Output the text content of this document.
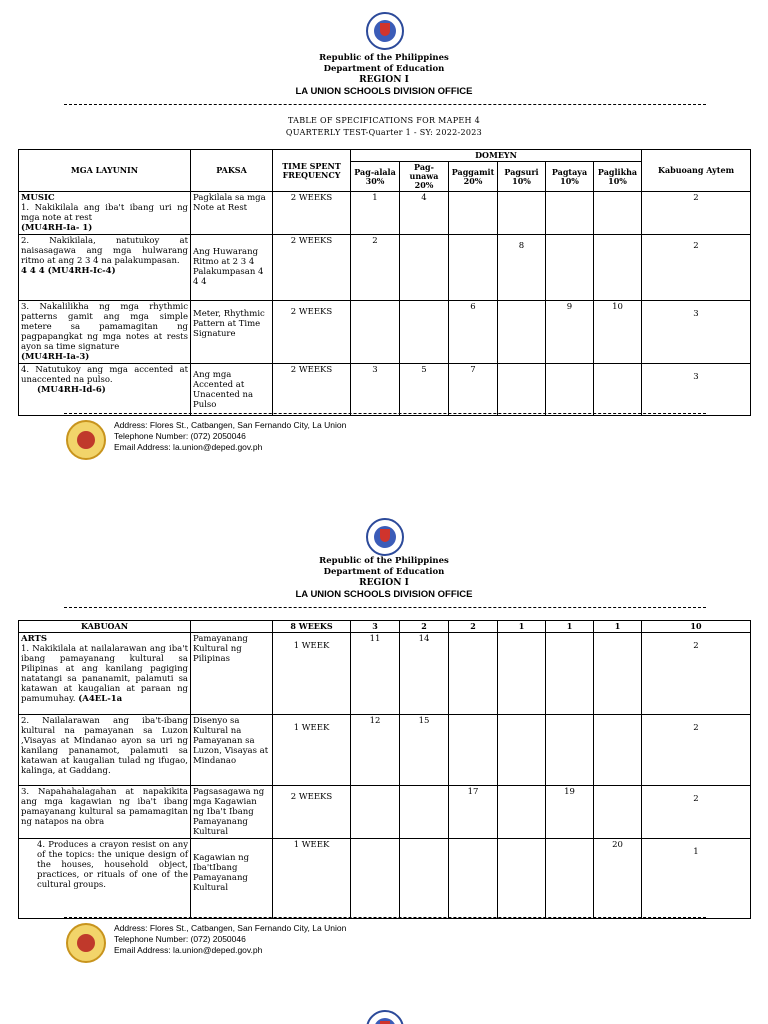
Republic of the Philippines
Department of Education
REGION I
LA UNION SCHOOLS DIVISION OFFICE
TABLE OF SPECIFICATIONS FOR MAPEH 4
QUARTERLY TEST-Quarter 1 - SY: 2022-2023
MGA LAYUNIN	PAKSA	TIME SPENT FREQUENCY	DOMEYN						Kabuoang Aytem
			Pag-alala 30%	Pag-unawa 20%	Paggamit 20%	Pagsuri 10%	Pagtaya 10%	Paglikha 10%	

MUSIC
1. Nakikilala ang iba't ibang uri ng mga note at rest
(MU4RH-Ia- 1)	Pagkilala sa mga Note at Rest	2 WEEKS	1	4					2
2. Nakikilala, natutukoy at naisasagawa ang mga hulwarang ritmo at ang 2 3 4 na palakumpasan.
4 4 4 (MU4RH-Ic-4)	Ang Huwarang Ritmo at 2 3 4 Palakumpasan 4 4 4	2 WEEKS	2			8			2
3. Nakalilikha ng mga rhythmic patterns gamit ang mga simple metere sa pamamagitan ng pagpapangkat ng mga notes at rests ayon sa time signature
(MU4RH-Ia-3)	Meter, Rhythmic Pattern at Time Signature	2 WEEKS			6		9	10	3
4. Natutukoy ang mga accented at unaccented na pulso.
(MU4RH-Id-6)	Ang mga Accented at Unacented na Pulso	2 WEEKS	3	5	7				3
Address: Flores St., Catbangen, San Fernando City, La Union
Telephone Number: (072) 2050046
Email Address: la.union@deped.gov.ph
Republic of the Philippines
Department of Education
REGION I
LA UNION SCHOOLS DIVISION OFFICE
KABUOAN		8 WEEKS	3	2	2	1	1	1	10

ARTS
1. Nakikilala at nailalarawan ang iba't ibang pamayanang kultural sa Pilipinas at ang kanilang pagiging natatangi sa pananamit, palamuti sa katawan at kaugalian at paraan ng pamumuhay. (A4EL-1a	Pamayanang Kultural ng Pilipinas	1 WEEK	11	14					2
2. Nailalarawan ang iba't-ibang kultural na pamayanan sa Luzon ,Visayas at Mindanao ayon sa uri ng kanilang pananamot, palamuti sa katawan at kaugalian tulad ng ifugao, kalinga, at Gaddang.	Disenyo sa Kultural na Pamayanan sa Luzon, Visayas at Mindanao	1 WEEK	12	15					2
3. Napahahalagahan at napakikita ang mga kagawian ng iba't ibang pamayanang kultural sa pamamagitan ng natapos na obra	Pagsasagawa ng mga Kagawian ng Iba't Ibang Pamayanang Kultural	2 WEEKS			17		19		2
4. Produces a crayon resist on any of the topics: the unique design of the houses, household object, practices, or rituals of one of the cultural groups.	Kagawian ng Iba'tIbang Pamayanang Kultural	1 WEEK						20	1
Address: Flores St., Catbangen, San Fernando City, La Union
Telephone Number: (072) 2050046
Email Address: la.union@deped.gov.ph
